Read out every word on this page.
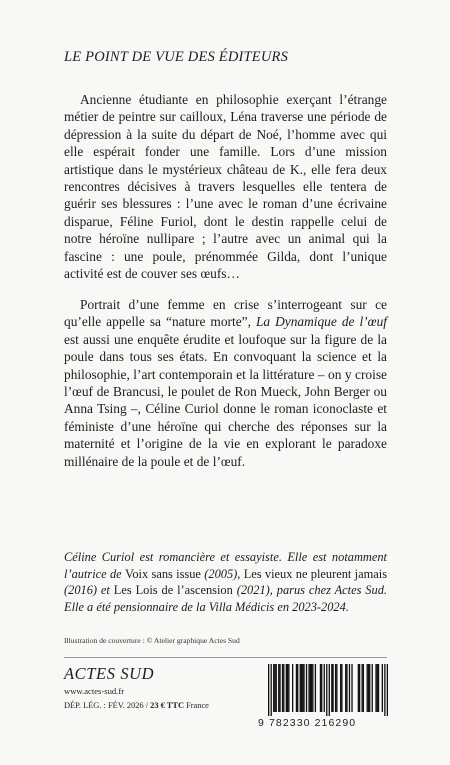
LE POINT DE VUE DES ÉDITEURS

Ancienne étudiante en philosophie exerçant l’étrange métier de peintre sur cailloux, Léna traverse une période de dépression à la suite du départ de Noé, l’homme avec qui elle espérait fonder une famille. Lors d’une mission artistique dans le mystérieux château de K., elle fera deux rencontres décisives à travers lesquelles elle tentera de guérir ses blessures : l’une avec le roman d’une écrivaine disparue, Féline Furiol, dont le destin rappelle celui de notre héroïne nullipare ; l’autre avec un animal qui la fascine : une poule, prénommée Gilda, dont l’unique activité est de couver ses œufs…

Portrait d’une femme en crise s’interrogeant sur ce qu’elle appelle sa “nature morte”, La Dynamique de l’œuf est aussi une enquête érudite et loufoque sur la figure de la poule dans tous ses états. En convoquant la science et la philosophie, l’art contemporain et la littérature – on y croise l’œuf de Brancusi, le poulet de Ron Mueck, John Berger ou Anna Tsing –, Céline Curiol donne le roman iconoclaste et féministe d’une héroïne qui cherche des réponses sur la maternité et l’origine de la vie en explorant le paradoxe millénaire de la poule et de l’œuf.

Céline Curiol est romancière et essayiste. Elle est notamment l’autrice de Voix sans issue (2005), Les vieux ne pleurent jamais (2016) et Les Lois de l’ascension (2021), parus chez Actes Sud. Elle a été pensionnaire de la Villa Médicis en 2023-2024.

Illustration de couverture : © Atelier graphique Actes Sud
ACTES SUD
www.actes-sud.fr
DÉP. LÉG. : FÉV. 2026 / 23 € TTC France
9 782330 216290
